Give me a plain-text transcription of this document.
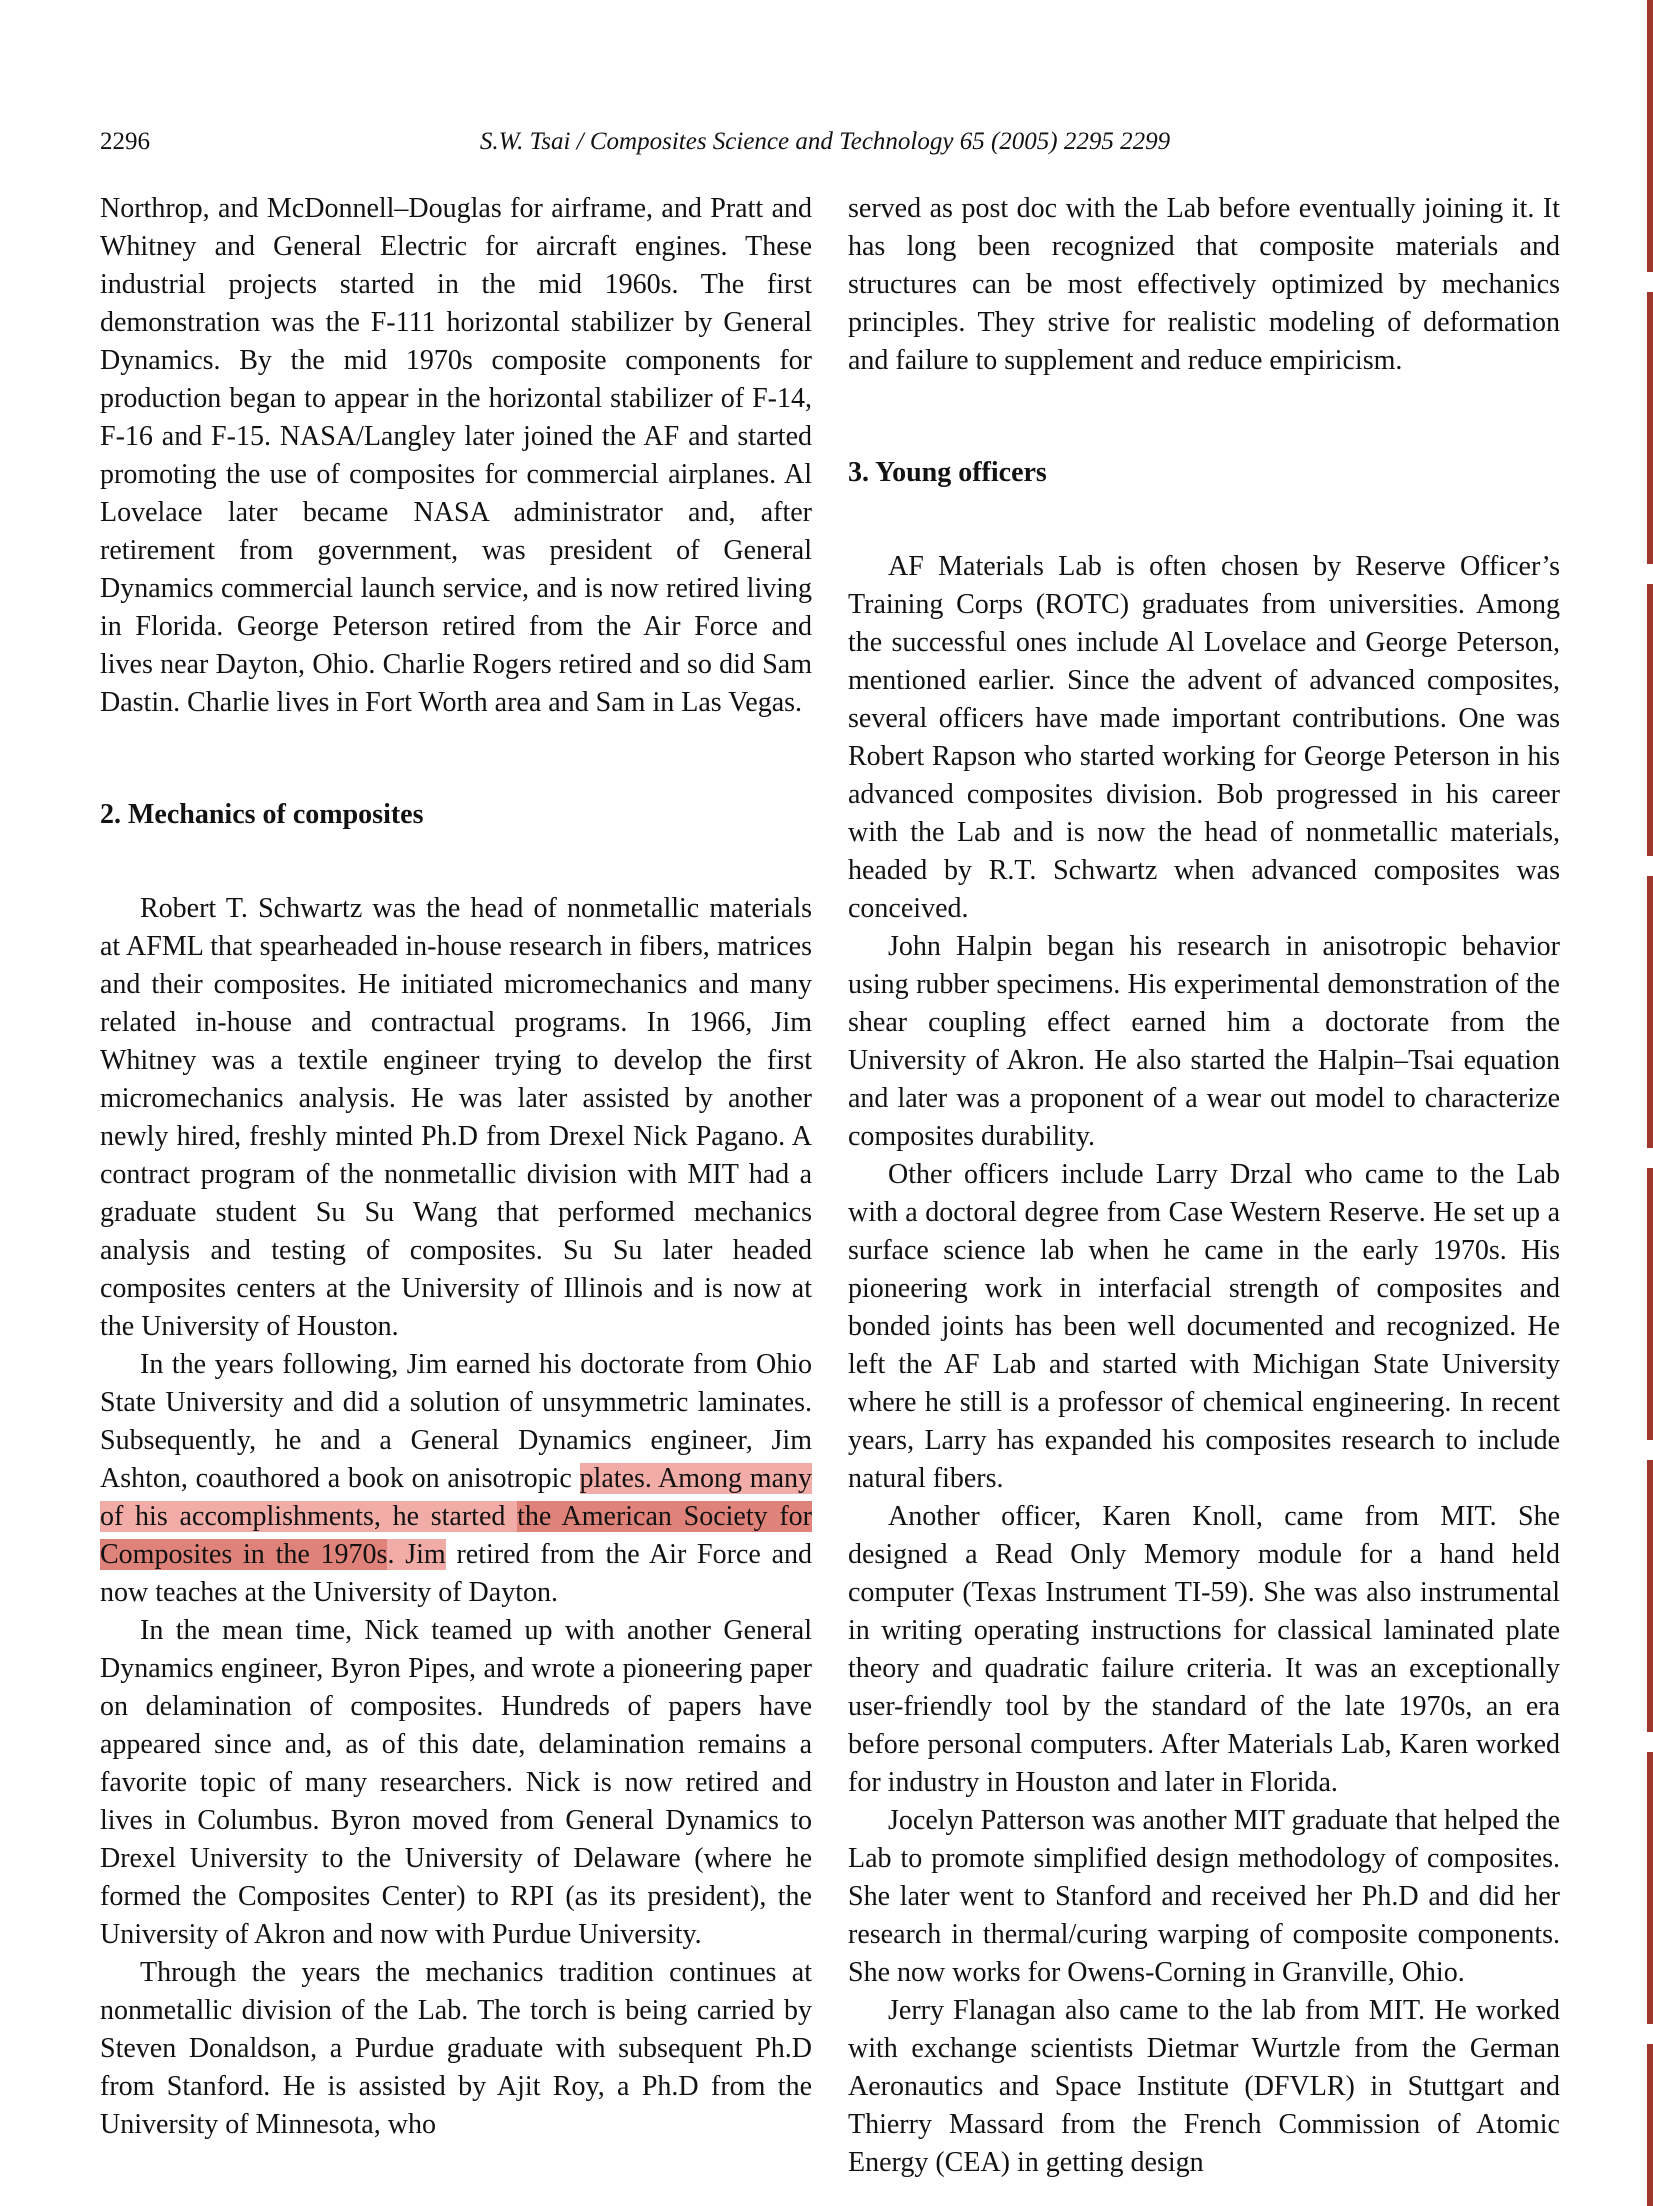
2296	S.W. Tsai / Composites Science and Technology 65 (2005) 2295 2299

Northrop, and McDonnell–Douglas for airframe, and Pratt and Whitney and General Electric for aircraft engines. These industrial projects started in the mid 1960s. The first demonstration was the F-111 horizontal stabilizer by General Dynamics. By the mid 1970s composite components for production began to appear in the horizontal stabilizer of F-14, F-16 and F-15. NASA/Langley later joined the AF and started promoting the use of composites for commercial airplanes. Al Lovelace later became NASA administrator and, after retirement from government, was president of General Dynamics commercial launch service, and is now retired living in Florida. George Peterson retired from the Air Force and lives near Dayton, Ohio. Charlie Rogers retired and so did Sam Dastin. Charlie lives in Fort Worth area and Sam in Las Vegas.

2. Mechanics of composites

Robert T. Schwartz was the head of nonmetallic materials at AFML that spearheaded in-house research in fibers, matrices and their composites. He initiated micromechanics and many related in-house and contractual programs. In 1966, Jim Whitney was a textile engineer trying to develop the first micromechanics analysis. He was later assisted by another newly hired, freshly minted Ph.D from Drexel Nick Pagano. A contract program of the nonmetallic division with MIT had a graduate student Su Su Wang that performed mechanics analysis and testing of composites. Su Su later headed composites centers at the University of Illinois and is now at the University of Houston.

In the years following, Jim earned his doctorate from Ohio State University and did a solution of unsymmetric laminates. Subsequently, he and a General Dynamics engineer, Jim Ashton, coauthored a book on anisotropic plates. Among many of his accomplishments, he started the American Society for Composites in the 1970s. Jim retired from the Air Force and now teaches at the University of Dayton.

In the mean time, Nick teamed up with another General Dynamics engineer, Byron Pipes, and wrote a pioneering paper on delamination of composites. Hundreds of papers have appeared since and, as of this date, delamination remains a favorite topic of many researchers. Nick is now retired and lives in Columbus. Byron moved from General Dynamics to Drexel University to the University of Delaware (where he formed the Composites Center) to RPI (as its president), the University of Akron and now with Purdue University.

Through the years the mechanics tradition continues at nonmetallic division of the Lab. The torch is being carried by Steven Donaldson, a Purdue graduate with subsequent Ph.D from Stanford. He is assisted by Ajit Roy, a Ph.D from the University of Minnesota, who

served as post doc with the Lab before eventually joining it. It has long been recognized that composite materials and structures can be most effectively optimized by mechanics principles. They strive for realistic modeling of deformation and failure to supplement and reduce empiricism.

3. Young officers

AF Materials Lab is often chosen by Reserve Officer’s Training Corps (ROTC) graduates from universities. Among the successful ones include Al Lovelace and George Peterson, mentioned earlier. Since the advent of advanced composites, several officers have made important contributions. One was Robert Rapson who started working for George Peterson in his advanced composites division. Bob progressed in his career with the Lab and is now the head of nonmetallic materials, headed by R.T. Schwartz when advanced composites was conceived.

John Halpin began his research in anisotropic behavior using rubber specimens. His experimental demonstration of the shear coupling effect earned him a doctorate from the University of Akron. He also started the Halpin–Tsai equation and later was a proponent of a wear out model to characterize composites durability.

Other officers include Larry Drzal who came to the Lab with a doctoral degree from Case Western Reserve. He set up a surface science lab when he came in the early 1970s. His pioneering work in interfacial strength of composites and bonded joints has been well documented and recognized. He left the AF Lab and started with Michigan State University where he still is a professor of chemical engineering. In recent years, Larry has expanded his composites research to include natural fibers.

Another officer, Karen Knoll, came from MIT. She designed a Read Only Memory module for a hand held computer (Texas Instrument TI-59). She was also instrumental in writing operating instructions for classical laminated plate theory and quadratic failure criteria. It was an exceptionally user-friendly tool by the standard of the late 1970s, an era before personal computers. After Materials Lab, Karen worked for industry in Houston and later in Florida.

Jocelyn Patterson was another MIT graduate that helped the Lab to promote simplified design methodology of composites. She later went to Stanford and received her Ph.D and did her research in thermal/curing warping of composite components. She now works for Owens-Corning in Granville, Ohio.

Jerry Flanagan also came to the lab from MIT. He worked with exchange scientists Dietmar Wurtzle from the German Aeronautics and Space Institute (DFVLR) in Stuttgart and Thierry Massard from the French Commission of Atomic Energy (CEA) in getting design
